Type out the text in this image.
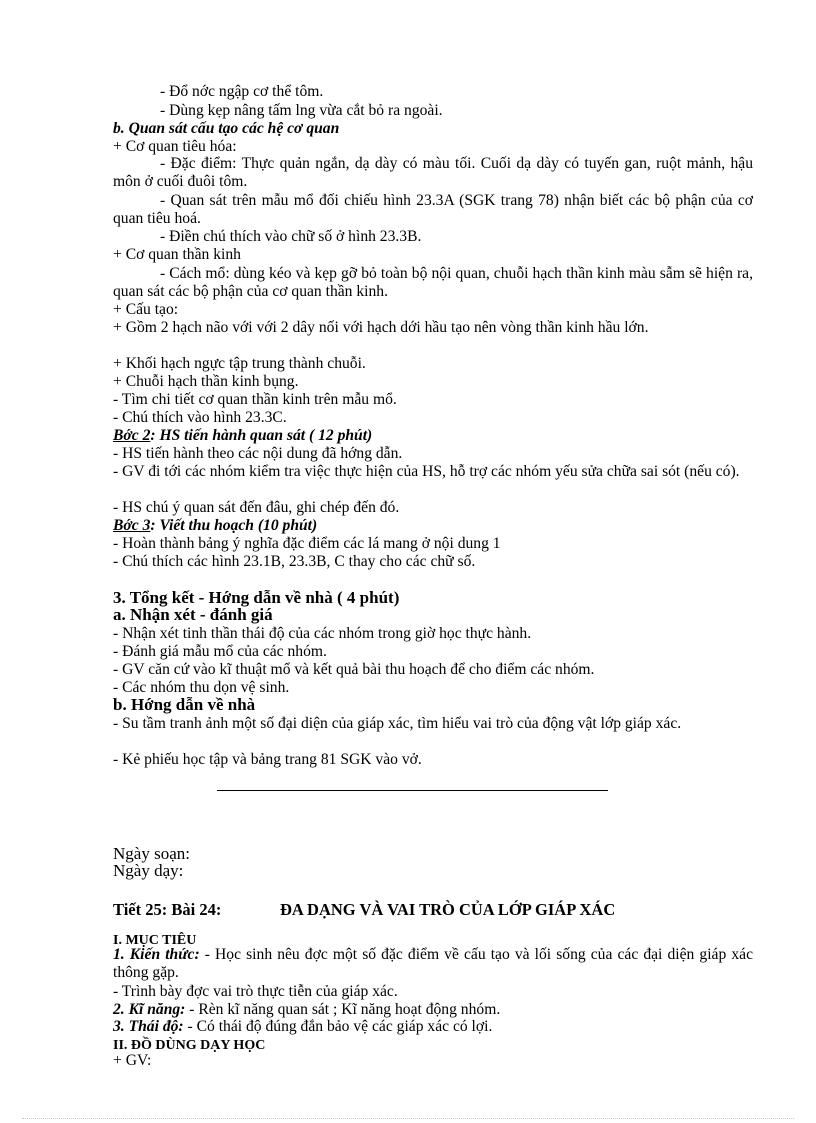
- Đổ nớc ngập cơ thể tôm.
- Dùng kẹp nâng tấm lng vừa cắt bỏ ra ngoài.
b. Quan sát cấu tạo các hệ cơ quan
+ Cơ quan tiêu hóa:
- Đặc điểm: Thực quản ngắn, dạ dày có màu tối. Cuối dạ dày có tuyến gan, ruột mảnh, hậu môn ở cuối đuôi tôm.
- Quan sát trên mẫu mổ đối chiếu hình 23.3A (SGK trang 78) nhận biết các bộ phận của cơ quan tiêu hoá.
- Điền chú thích vào chữ số ở hình 23.3B.
+ Cơ quan thần kinh
- Cách mổ: dùng kéo và kẹp gỡ bỏ toàn bộ nội quan, chuỗi hạch thần kinh màu sẫm sẽ hiện ra, quan sát các bộ phận của cơ quan thần kinh.
+ Cấu tạo:
+ Gồm 2 hạch não với với 2 dây nối với hạch dới hầu tạo nên vòng thần kinh hầu lớn.
+ Khối hạch ngực tập trung thành chuỗi.
+ Chuỗi hạch thần kinh bụng.
- Tìm chi tiết cơ quan thần kinh trên mẫu mổ.
- Chú thích vào hình 23.3C.
Bớc 2: HS tiến hành quan sát ( 12 phút)
- HS tiến hành theo các nội dung đã hớng dẫn.
- GV đi tới các nhóm kiểm tra việc thực hiện của HS, hỗ trợ các nhóm yếu sửa chữa sai sót (nếu có).
- HS chú ý quan sát đến đâu, ghi chép đến đó.
Bớc 3: Viết thu hoạch (10 phút)
- Hoàn thành bảng ý nghĩa đặc điểm các lá mang ở nội dung 1
- Chú thích các hình 23.1B, 23.3B, C thay cho các chữ số.
3. Tổng kết - Hớng dẫn về nhà ( 4 phút)
a. Nhận xét - đánh giá
- Nhận xét tinh thần thái độ của các nhóm trong giờ học thực hành.
- Đánh giá mẫu mổ của các nhóm.
- GV căn cứ vào kĩ thuật mổ và kết quả bài thu hoạch để cho điểm các nhóm.
- Các nhóm thu dọn vệ sinh.
b. Hớng dẫn về nhà
- Su tầm tranh ảnh một số đại diện của giáp xác, tìm hiểu vai trò của động vật lớp giáp xác.
- Kẻ phiếu học tập và bảng trang 81 SGK vào vở.
Ngày soạn:
Ngày dạy:
Tiết 25: Bài 24:	ĐA DẠNG VÀ VAI TRÒ CỦA LỚP GIÁP XÁC
I. MỤC TIÊU
1. Kiến thức: - Học sinh nêu đợc một số đặc điểm về cấu tạo và lối sống của các đại diện giáp xác thông gặp.
- Trình bày đợc vai trò thực tiễn của giáp xác.
2. Kĩ năng: - Rèn kĩ năng quan sát ; Kĩ năng hoạt động nhóm.
3. Thái độ: - Có thái độ đúng đắn bảo vệ các giáp xác có lợi.
II. ĐỒ DÙNG DẠY HỌC
+ GV:
